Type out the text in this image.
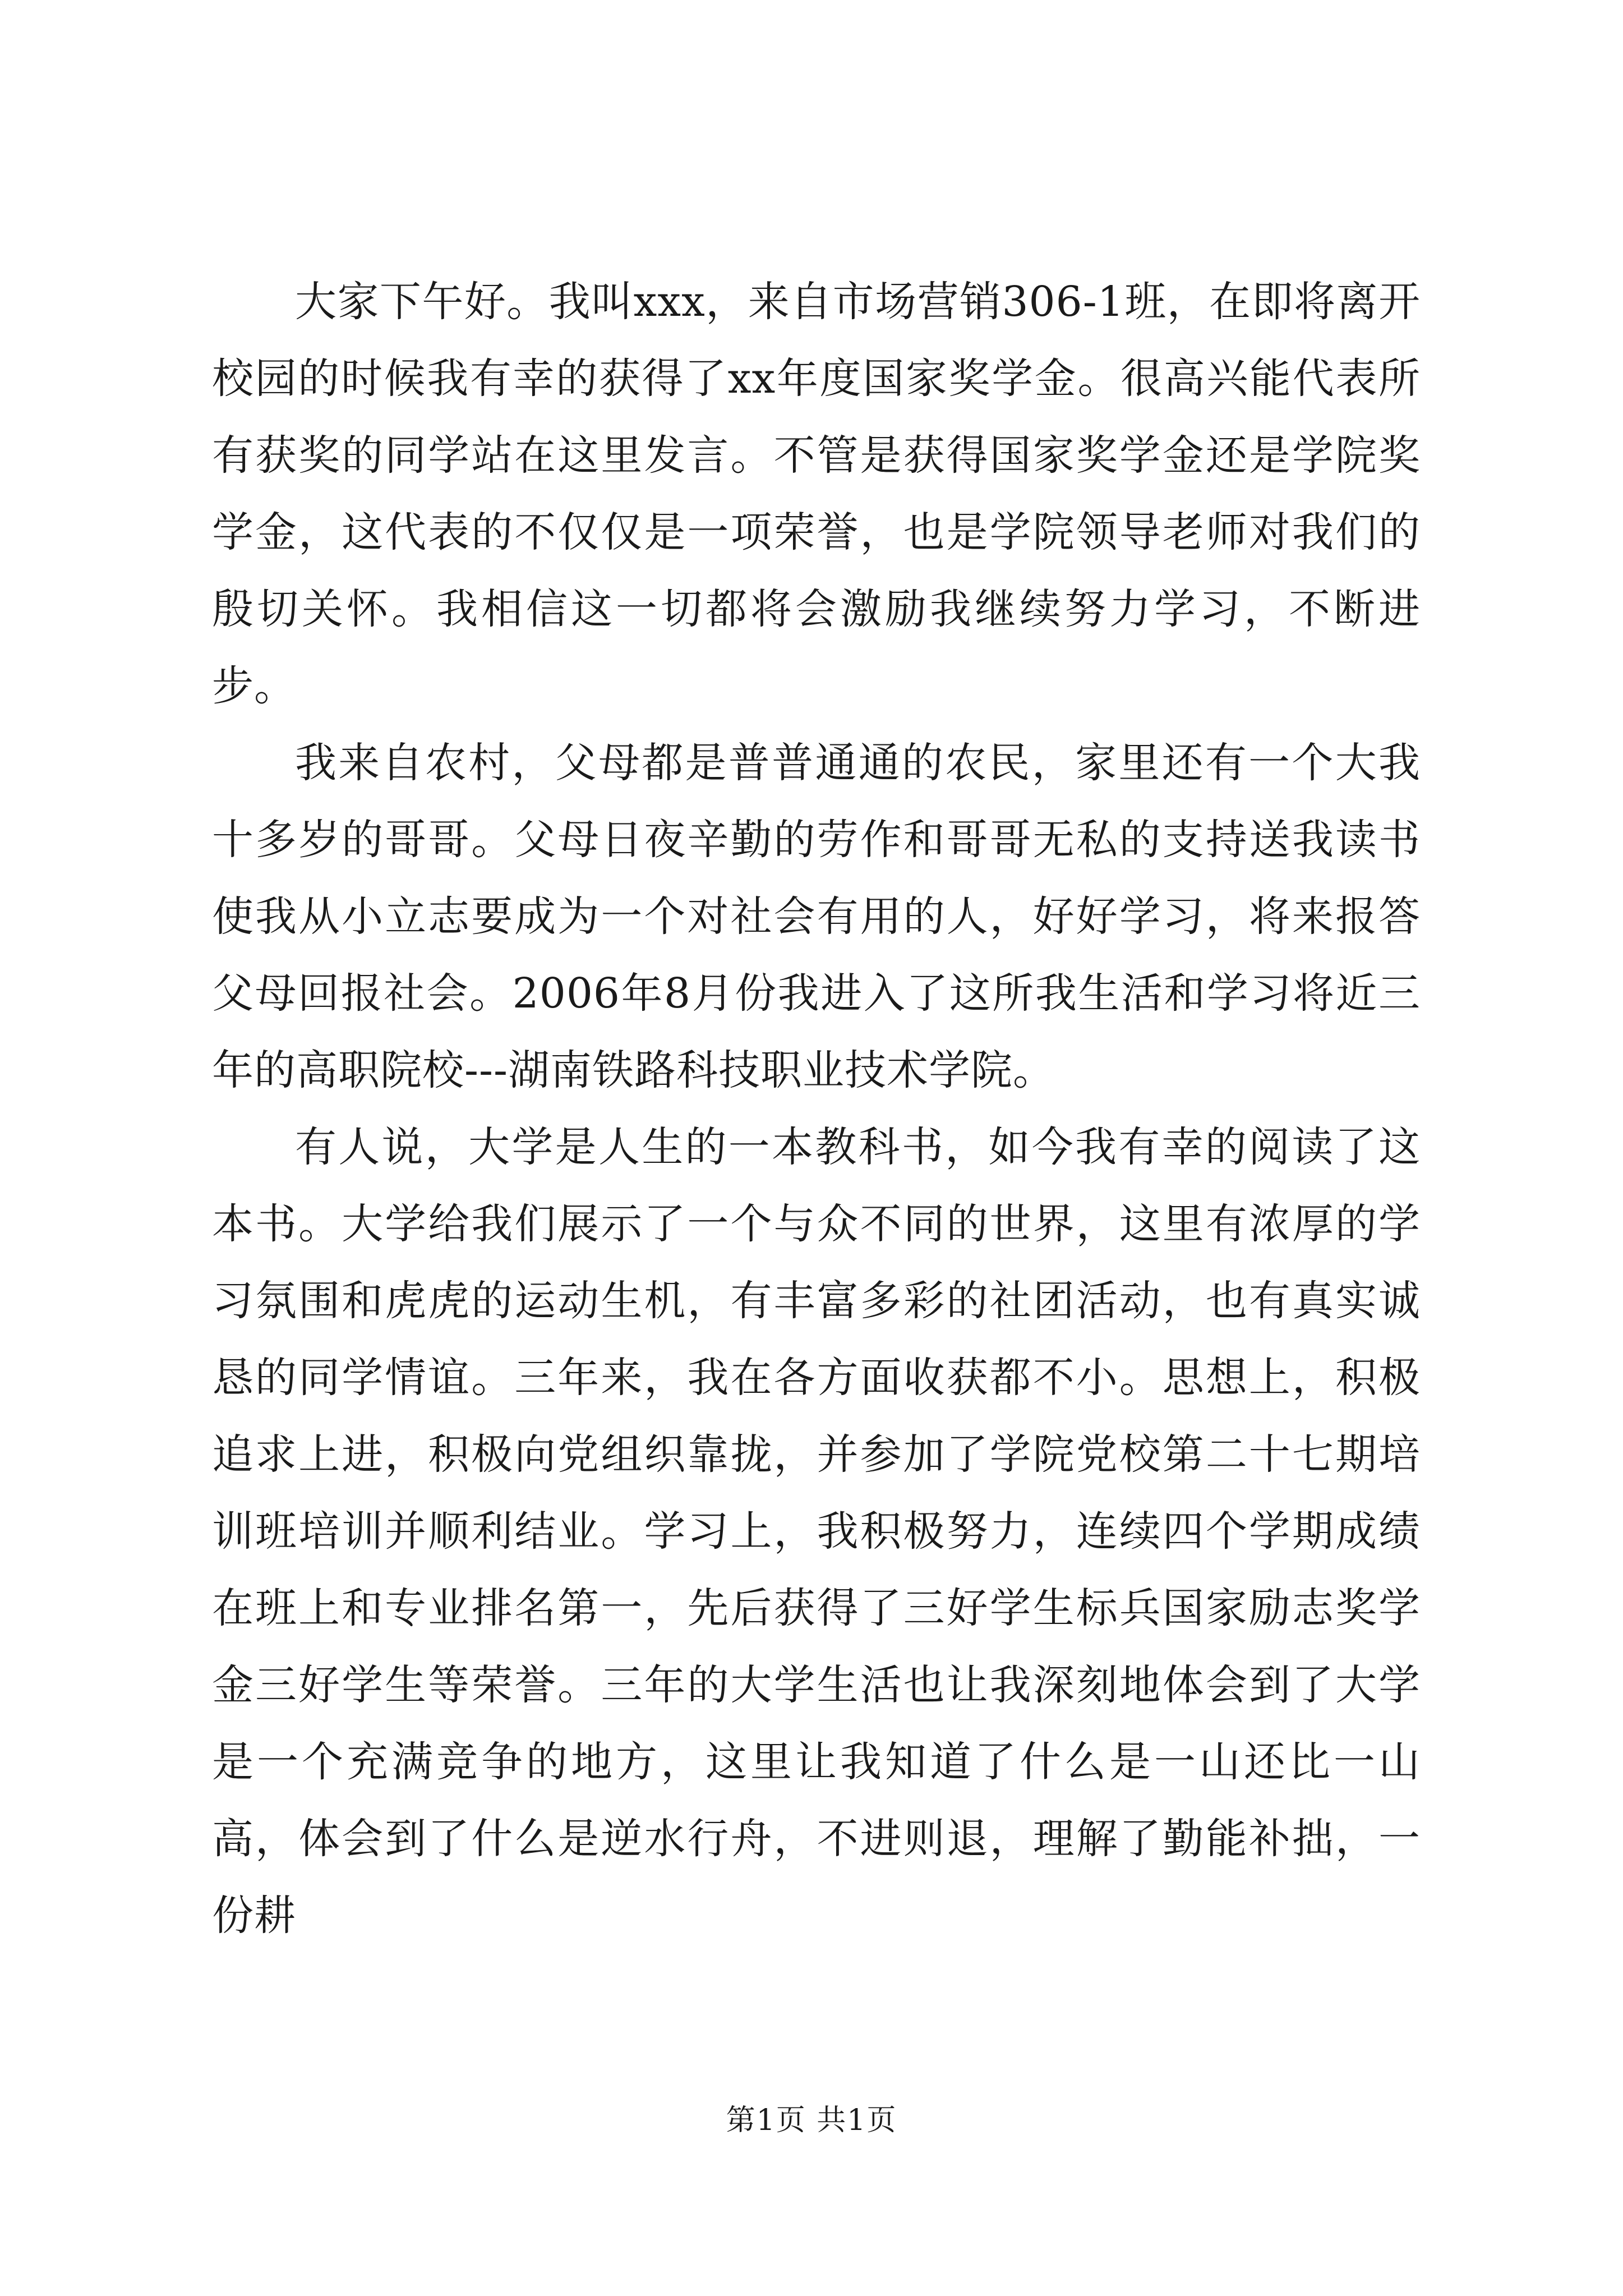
大家下午好。我叫xxx，来自市场营销306-1班，在即将离开校园的时候我有幸的获得了xx年度国家奖学金。很高兴能代表所有获奖的同学站在这里发言。不管是获得国家奖学金还是学院奖学金，这代表的不仅仅是一项荣誉，也是学院领导老师对我们的殷切关怀。我相信这一切都将会激励我继续努力学习，不断进步。

我来自农村，父母都是普普通通的农民，家里还有一个大我十多岁的哥哥。父母日夜辛勤的劳作和哥哥无私的支持送我读书使我从小立志要成为一个对社会有用的人，好好学习，将来报答父母回报社会。2006年8月份我进入了这所我生活和学习将近三年的高职院校---湖南铁路科技职业技术学院。

有人说，大学是人生的一本教科书，如今我有幸的阅读了这本书。大学给我们展示了一个与众不同的世界，这里有浓厚的学习氛围和虎虎的运动生机，有丰富多彩的社团活动，也有真实诚恳的同学情谊。三年来，我在各方面收获都不小。思想上，积极追求上进，积极向党组织靠拢，并参加了学院党校第二十七期培训班培训并顺利结业。学习上，我积极努力，连续四个学期成绩在班上和专业排名第一，先后获得了三好学生标兵国家励志奖学金三好学生等荣誉。三年的大学生活也让我深刻地体会到了大学是一个充满竞争的地方，这里让我知道了什么是一山还比一山高，体会到了什么是逆水行舟，不进则退，理解了勤能补拙，一份耕

第1页 共1页
